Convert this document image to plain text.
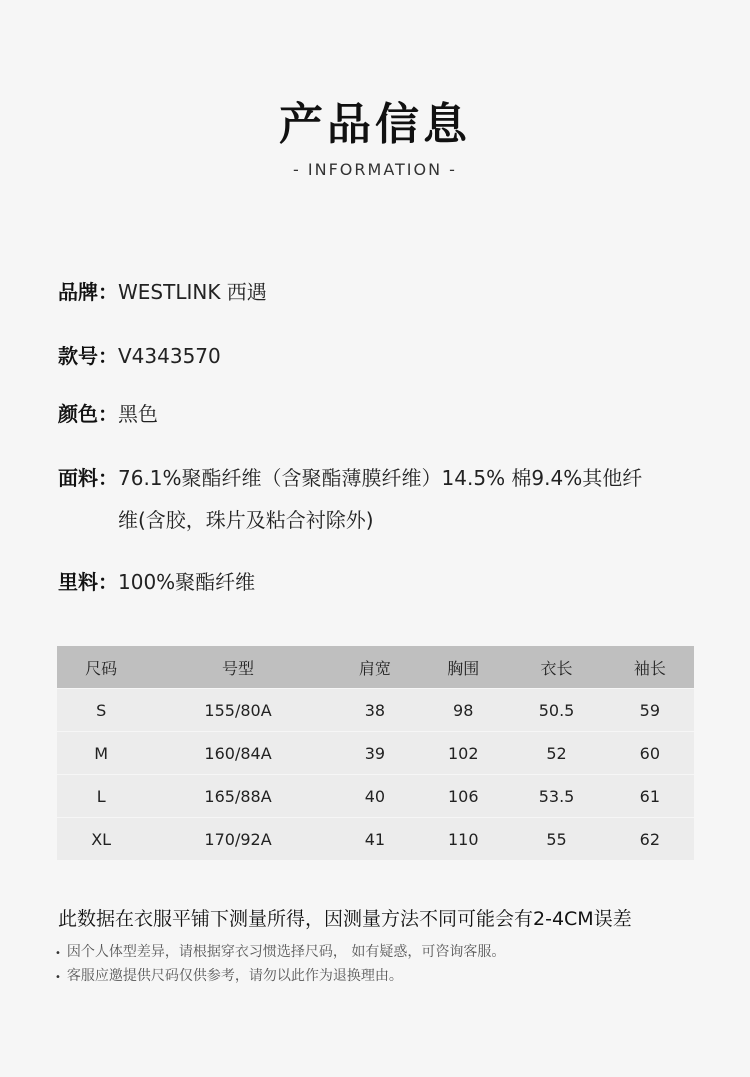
产品信息
- INFORMATION -
品牌： WESTLINK 西遇
款号： V4343570
颜色： 黑色
面料： 76.1%聚酯纤维（含聚酯薄膜纤维）14.5% 棉9.4%其他纤维(含胶，珠片及粘合衬除外)
里料： 100%聚酯纤维
尺码	号型	肩宽	胸围	衣长	袖长
S	155/80A	38	98	50.5	59
M	160/84A	39	102	52	60
L	165/88A	40	106	53.5	61
XL	170/92A	41	110	55	62
此数据在衣服平铺下测量所得，因测量方法不同可能会有2-4CM误差
• 因个人体型差异，请根据穿衣习惯选择尺码， 如有疑惑，可咨询客服。
• 客服应邀提供尺码仅供参考，请勿以此作为退换理由。
